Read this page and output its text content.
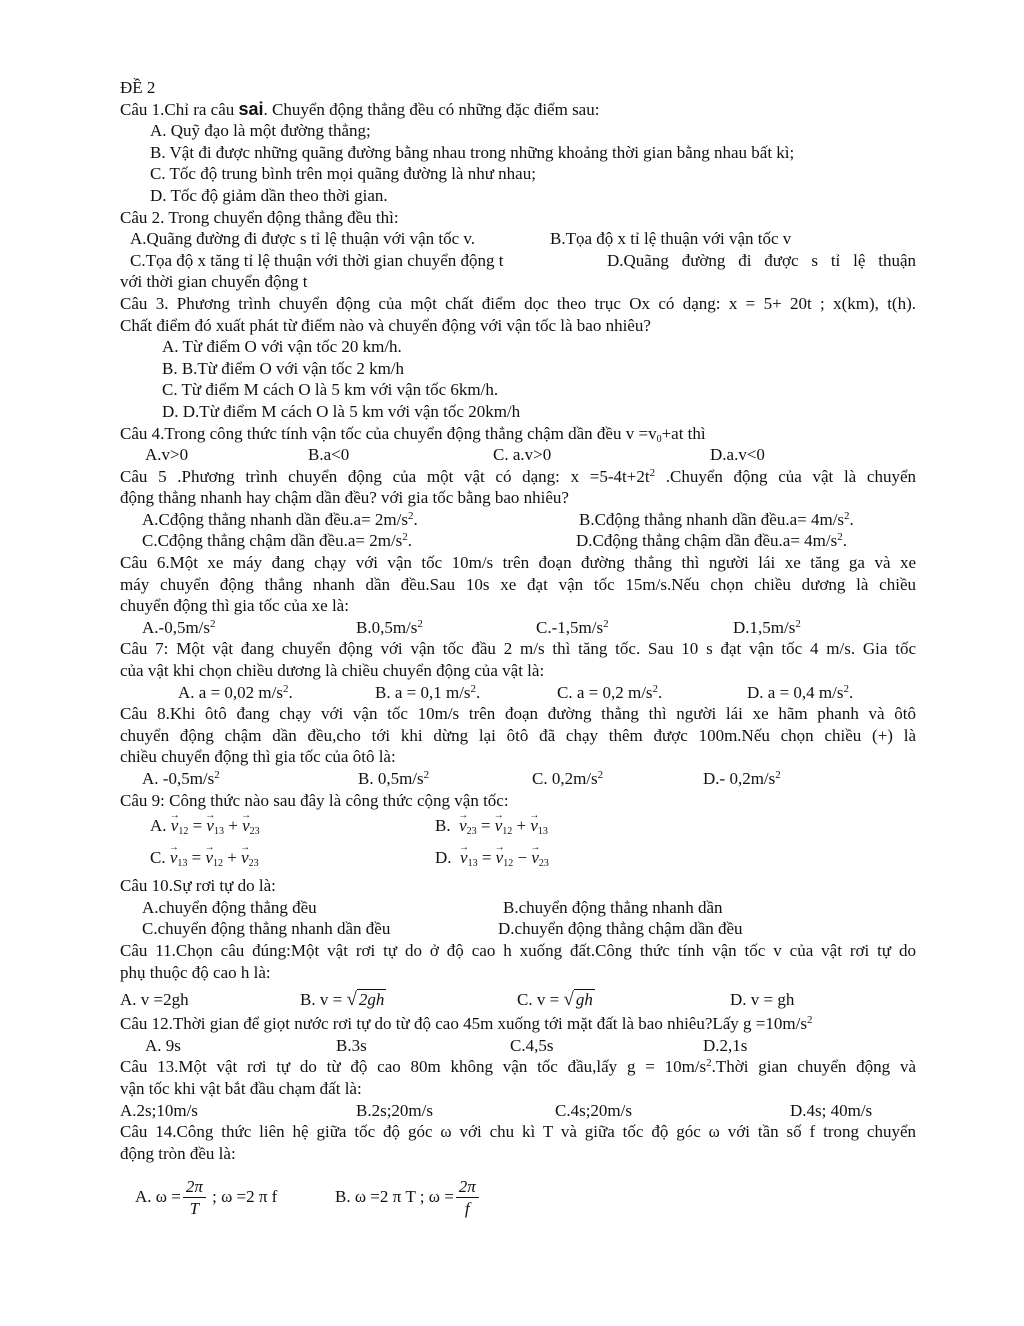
ĐỀ 2
Câu 1.Chỉ ra câu sai. Chuyển động thẳng đều có những đặc điểm sau:
A. Quỹ đạo là một đường thẳng;
B. Vật đi được những quãng đường bằng nhau trong những khoảng thời gian bằng nhau bất kì;
C. Tốc độ trung bình trên mọi quãng đường là như nhau;
D. Tốc độ giảm dần theo thời gian.
Câu 2. Trong chuyển động thẳng đều thì:
A.Quãng đường đi được s tỉ lệ thuận với vận tốc v.	B.Tọa độ x tỉ lệ thuận với vận tốc v
C.Tọa độ x tăng tỉ lệ thuận với thời gian chuyển động t	D.Quãng đường đi được s tỉ lệ thuận
với thời gian chuyển động t
Câu 3. Phương trình chuyển động của một chất điểm dọc theo trục Ox có dạng: x = 5+ 20t ; x(km), t(h).
Chất điểm đó xuất phát từ điểm nào và chuyển động với vận tốc là bao nhiêu?
A. Từ điểm O với vận tốc 20 km/h.
B. B.Từ điểm O với vận tốc 2 km/h
C. Từ điểm M cách O là 5 km với vận tốc 6km/h.
D. D.Từ điểm M cách O là 5 km với vận tốc 20km/h
Câu 4.Trong công thức tính vận tốc của chuyển động thẳng chậm dần đều $v =v_0+at$ thì
A.v>0	B.a<0	C. a.v>0	D.a.v<0
Câu 5 .Phương trình chuyển động của một vật có dạng: $x =5-4t+2t^2$ .Chuyển động của vật là chuyển
động thẳng nhanh hay chậm dần đều? với gia tốc bằng bao nhiêu?
A.Cđộng thẳng nhanh dần đều.a= $2m/s^2$.	B.Cđộng thẳng nhanh dần đều.a= $4m/s^2$.
C.Cđộng thẳng chậm dần đều.a= $2m/s^2$.	D.Cđộng thẳng chậm dần đều.a= $4m/s^2$.
Câu 6.Một xe máy đang chạy với vận tốc 10m/s trên đoạn đường thẳng thì người lái xe tăng ga và xe
máy chuyển động thẳng nhanh dần đều.Sau 10s xe đạt vận tốc 15m/s.Nếu chọn chiều dương là chiều
chuyển động thì gia tốc của xe là:
$A.-0,5m/s^2$	$B.0,5m/s^2$	$C.-1,5m/s^2$	$D.1,5m/s^2$
Câu 7: Một vật đang chuyển động với vận tốc đầu 2 m/s thì tăng tốc. Sau 10 s đạt vận tốc 4 m/s. Gia tốc
của vật khi chọn chiều dương là chiều chuyển động của vật là:
A. a = 0,02 $m/s^2$.	B. a = 0,1 $m/s^2$.	C. a = 0,2 $m/s^2$.	D. a = 0,4 $m/s^2$.
Câu 8.Khi ôtô đang chạy với vận tốc 10m/s trên đoạn đường thẳng thì người lái xe hãm phanh và ôtô
chuyển động chậm dần đều,cho tới khi dừng lại ôtô đã chạy thêm được 100m.Nếu chọn chiều (+) là
chiều chuyển động thì gia tốc của ôtô là:
A. $-0,5m/s^2$	B. $0,5m/s^2$	C. $0,2m/s^2$	D.- $0,2m/s^2$
Câu 9: Công thức nào sau đây là công thức cộng vận tốc:
A. → $v_{12}$ = → $v_{13}$ + → $v_{23}$	B. → $v_{23}$ = → $v_{12}$ + → $v_{13}$
C. → $v_{13}$ = → $v_{12}$ + → $v_{23}$	D. → $v_{13}$ = → $v_{12}$ − → $v_{23}$
Câu 10.Sự rơi tự do là:
A.chuyển động thẳng đều	B.chuyển động thẳng nhanh dần
C.chuyển động thẳng nhanh dần đều	D.chuyển động thẳng chậm dần đều
Câu 11.Chọn câu đúng:Một vật rơi tự do ở độ cao h xuống đất.Công thức tính vận tốc v của vật rơi tự do
phụ thuộc độ cao h là:
A. v =2gh	B. v = √ 2gh	C. v = √ gh	D. v = gh
Câu 12.Thời gian để giọt nước rơi tự do từ độ cao 45m xuống tới mặt đất là bao nhiêu?Lấy $g =10m/s^2$
A. 9s	B.3s	C.4,5s	D.2,1s
Câu 13.Một vật rơi tự do từ độ cao 80m không vận tốc đầu,lấy $g = 10m/s^2.Thời$ gian chuyển động và
vận tốc khi vật bắt đầu chạm đất là:
A.2s;10m/s	B.2s;20m/s	C.4s;20m/s	D.4s; 40m/s
Câu 14.Công thức liên hệ giữa tốc độ góc ω với chu kì T và giữa tốc độ góc ω với tần số f trong chuyển
động tròn đều là:
A. $\omega = \frac{2\pi}{T}$ ; ω =2 π f	B. ω =2 π T ; $\omega = \frac{2\pi}{f}$
